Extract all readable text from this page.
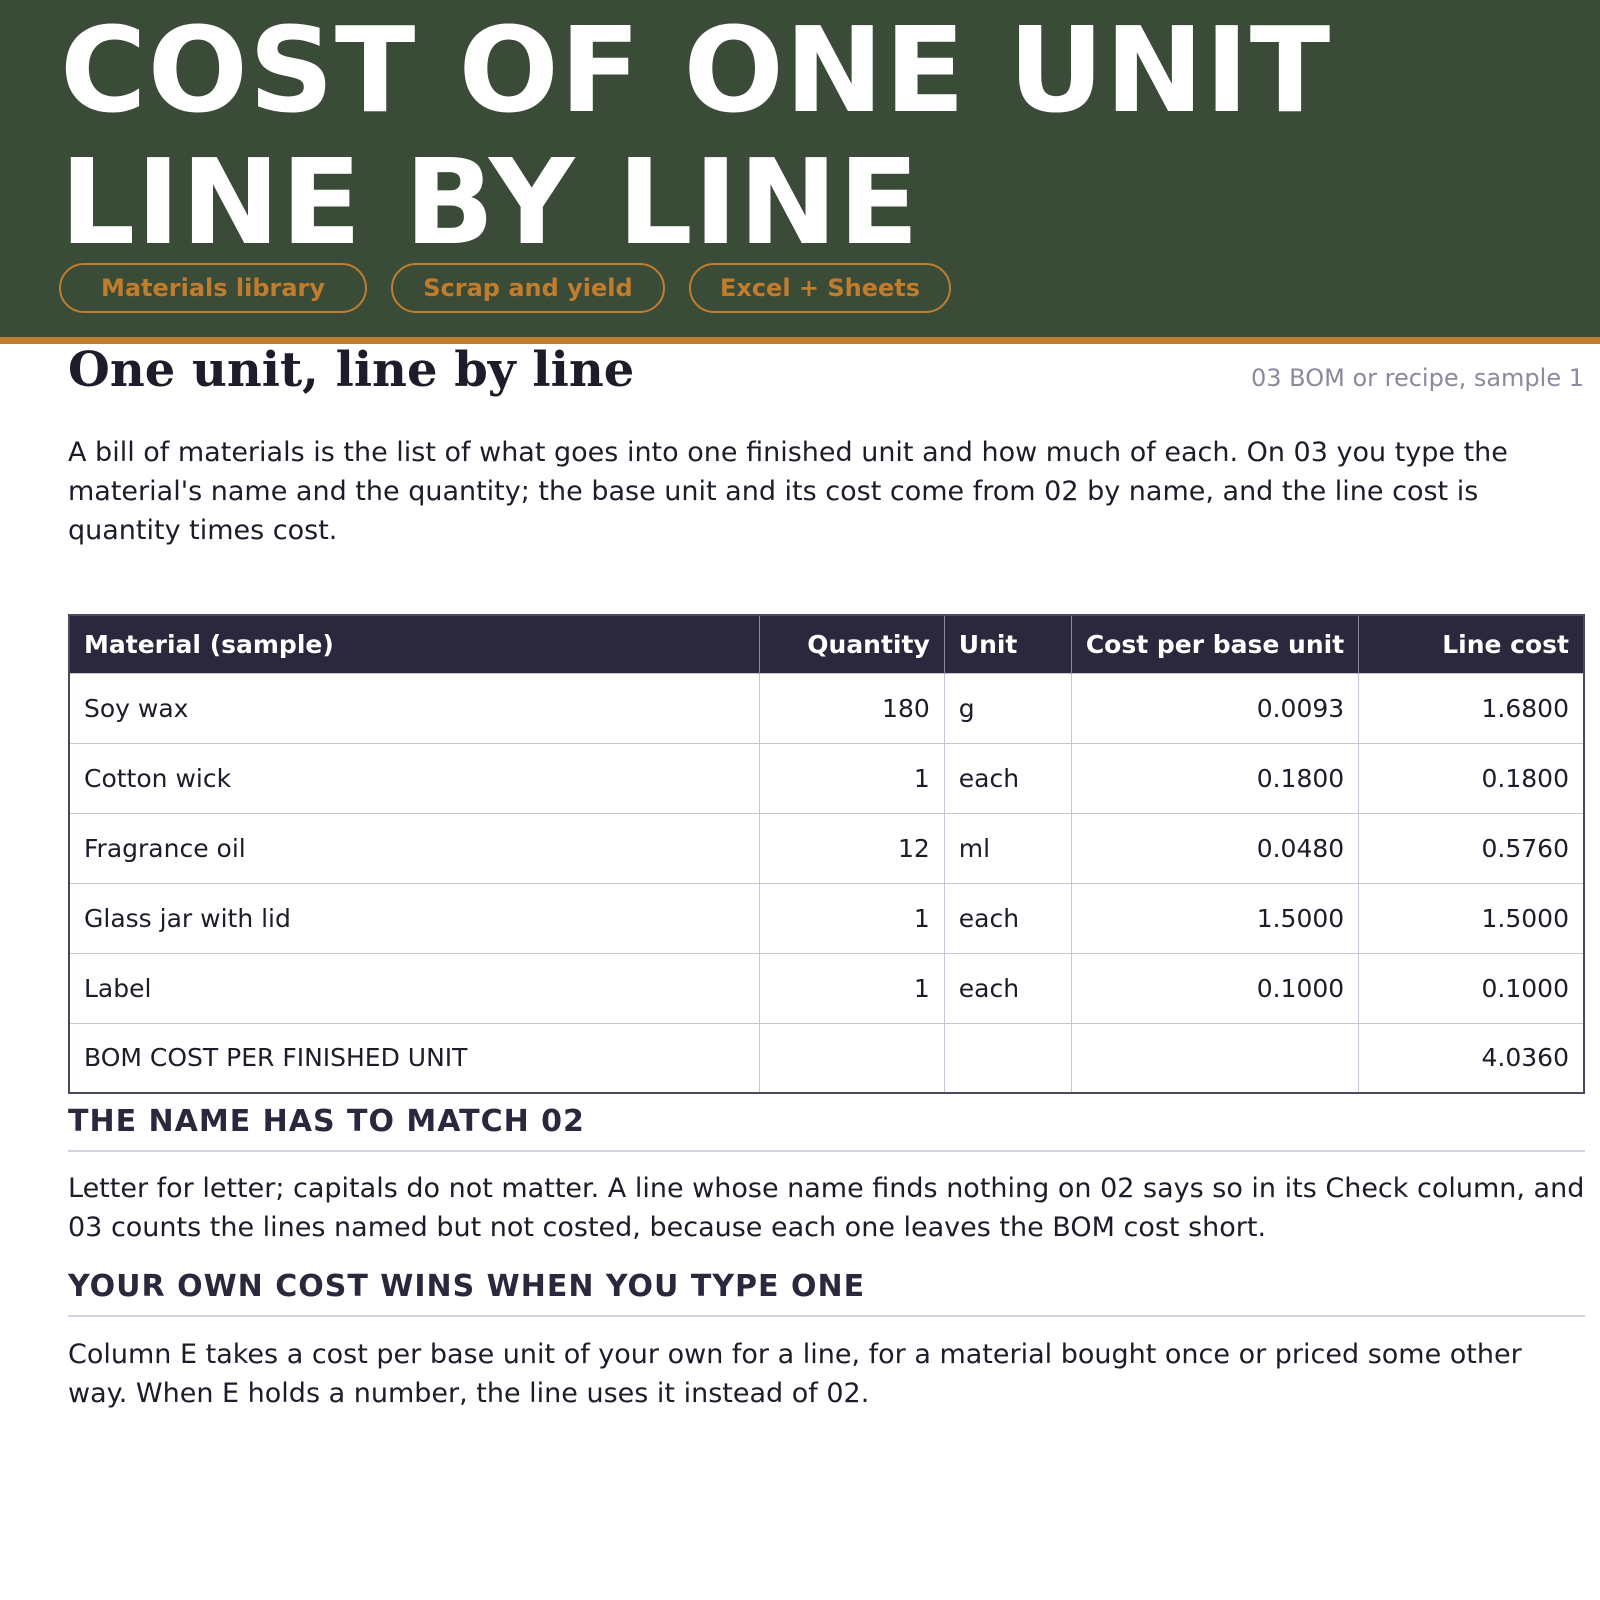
COST OF ONE UNIT LINE BY LINE
Materials library	Scrap and yield	Excel + Sheets
One unit, line by line	03 BOM or recipe, sample 1
A bill of materials is the list of what goes into one finished unit and how much of each. On 03 you type the material's name and the quantity; the base unit and its cost come from 02 by name, and the line cost is quantity times cost.
Material (sample)	Quantity	Unit	Cost per base unit	Line cost
Soy wax	180	g	0.0093	1.6800
Cotton wick	1	each	0.1800	0.1800
Fragrance oil	12	ml	0.0480	0.5760
Glass jar with lid	1	each	1.5000	1.5000
Label	1	each	0.1000	0.1000
BOM COST PER FINISHED UNIT				4.0360
THE NAME HAS TO MATCH 02
Letter for letter; capitals do not matter. A line whose name finds nothing on 02 says so in its Check column, and 03 counts the lines named but not costed, because each one leaves the BOM cost short.
YOUR OWN COST WINS WHEN YOU TYPE ONE
Column E takes a cost per base unit of your own for a line, for a material bought once or priced some other way. When E holds a number, the line uses it instead of 02.
